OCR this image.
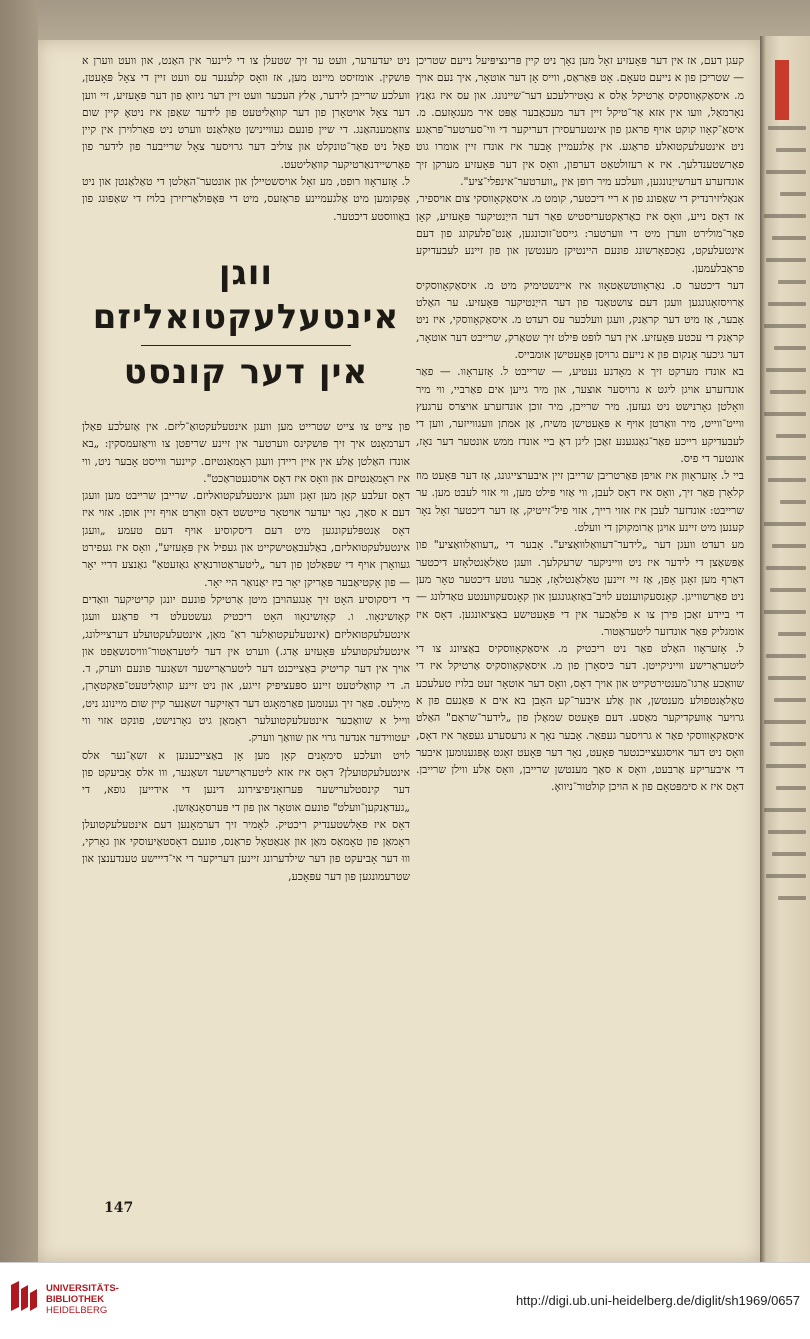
קעגן דעם, אז אין דער פּאָעזיע זאָל מען נאָך ניט קיין פּרינציפּיעל נייעם שטריכן — שטריכן פון א נייעם טעאָם. אָט פּאַראַס, ווייס אָן דער אוטאָר, איך נעם אויך מ. איסאַקאָווסקיס אַרטיקל אַלס א נאָטירלעכע דער־שיינונג. און עס איז גאַנץ נאָרמאַל, וועו אין אזא אַר־טיקל זיין דער מעכאַבער אַפּט איר מעגאָזעם. מ. איסאַ־קאָוו קוקט אויף פראגן פון אינטערעסירן דעריקער די ווי־סערטער־פּראַגע ניט אינטעלעקטואלע פראַגע. אין אַלגעמיין אָבער איז אונדז זיין אומרו גוט פאַרשטענדלעך. איז א רעזולטאַט דערפון, וואָס אין דער פּאָעזיע מערקן זיך אונדזערע דערשייַנונגען, וועלכע מיר רופן אין „ווערטער־אינפלי־ציע".

אנאַליזירנדיק די שאַפונג פון א ריי דיכטער, קומט מ. איסאַקאָווסקי צום אויספיר, אז דאָס נייע, וואָס איז כאַראַקטעריסטיש פאַר דער הייַנטיקער פּאָעזיע, קאָן פאַר־מולירט ווערן מיט די ווערטער: גייסט־זוכונגען, אַנט־פלעקונג פון דעם אינטעלעקט, נאָכפאָרשונג פונעם היינטיקן מענטשן און פון זיינע לעבעדיקע פראַבלעמען.

דער דיכטער ס. נאַראָווטשאַטאָוו איז איינשטימיק מיט מ. איסאַקאָווסקיס אַרויסזאָגונגען וועגן דעם צושטאַנד פון דער הייַנטיקער פּאָעזיע. ער האַלט אָבער, אַז מיט דער קראַנק, וועגן וועלכער עס רעדט מ. איסאַקאָווסקי, איז ניט קראַנק די עכטע פּאָעזיע. אין דער לופט פּילט זיך שטאַרק, שרייבט דער אוטאָר, דער גיכער אָנקום פון א נייעם גרויסן פּאָעטישן אומבייס.

בא אונדז מערקט זיך א מאָדנע נעטיע, — שרייבט ל. אָזעראָוו. — פאַר אונדזערע אויגן ליגט א גרויסער אוצער, און מיר גייען אים פאַרביי, ווי מיר וואָלטן גאָרנישט ניט געזען. מיר שרייבן, מיר זוכן אונדזערע אויצרס ערגעץ ווייט־ווייט, מיר וואַרטן אויף א פּאָעטישן משיח, אַן אמתן וועגווייזער, ווען די לעבעדיקע רייכע פאַר־גאַנגענע זאַכן ליגן דאָ ביי אונדז ממש אונטער דער נאָז, אונטער די פיס.

ביי ל. אָזעראָוון איז אויפן פאַרטריבן שרייבן זיין איבערצייגונג, אַז דער פּאָעט מוז קלאָרן פאַר זיך, וואָס איז דאָס לעבן, ווי אַזוי פילט מען, ווי אזוי לעבט מען. ער שרייבט: אונדזער לעבן איז אזוי רייך, אזוי פיל־זייטיק, אַז דער דיכטער זאָל נאָר קענען מיט זיינע אויגן אַרומקוקן די וועלט.

מע רעדט וועגן דער „לידער־דעוואַלוואַציע". אָבער די „דעוואַלוואַציע" פון אַפּשאַצן די לידער איז ניט ווייניקער שרעקלעך. וועגן טאַלאַנטלאָזע דיכטער דאַרף מען זאָגן אָפן, אַז זיי זיינען טאַלאַנטלאָז, אָבער גוטע דיכטער טאָר מען ניט פאַרשווייגן. קאָנסעקווענטע לויב־באַזאַגונגען און קאָנסעקווענטע טאַדלונג — די ביידע זאַכן פירן צו א פלאַכער אין די פּאָעטישע באַציאונגען. דאָס איז אומגליק פאַר אונדזער ליטעראַטור.

ל. אָזעראָוו האַלט פאַר ניט ריכטיק מ. איסאַקאָווסקיס באַציִונג צו די ליטעראַרישע ווייניקייטן. דער כּיסאָרן פון מ. איסאַקאָווסקיס אַרטיקל איז די שוואַכע אַרגו־מענטירטקייט און אויך דאָס, וואָס דער אוטאָר זעט בלויז טעלעכע טאַלאַנטפולע מענטשן, און אַלע איבער־קע האָבן בא אים א פּאַנעם פון א גרויער אַוועקדיקער מאַסע. דעם פּאָעטס שמאַלן פון „לידער־שראַם" האַלט איסאַקאָוווסקי פאַר א גרויסער געפאַר. אָבער נאָך א גרעסערע געפאַר איז דאָס, וואָס ניט דער אויסגעצייכנטער פּאָעט, נאָר דער פּאָעט זאָגט אָפּגענומען איבער די איבעריקע אַרבעט, וואָס א סאַך מענטשן שרייבן, וואָס אַלע ווילן שרייבן. דאָס איז א סימפּטאָם פון א הויכן קולטור־ניוואָ.

ניט יעדערער, וועט ער זיך שטעלן צו די ליינער אין האַנט, און וועט ווערן א פּושקין. אומזיסט מיינט מען, אז וואָס קלענער עס וועט זיין די צאָל פּאָעטן, וועלכע שרייבן לידער, אַלץ העכער וועט זיין דער ניוואָ פון דער פּאָעזיע, זיי ווען דער צאָל אויטאָרן פון דער קוואַליטעט פון לידער שאַפן איז ניטאָ קיין שום צוזאַמענהאַנג. די שיין פונעם געוויינישן טאַלאַנט ווערט ניט פאַרלוירן אין קיין פאַל ניט פאַר־טונקלט און צוליב דער גרויסער צאָל שרייבער פון לידער פון פאַרשיידנאַרטיקער קוואַליטעט.

ל. אָזעראָוו רופט, מע זאָל אויסשטיילן און אונטער־האַלטן די טאַלאַנטן און ניט אָפּקומען מיט אַלגעמיינע פראַזעס, מיט די פּאָפּולאַריזירן בלויז די שאַפונג פון באַוווסטע דיכטער.

ווגן אינטעלעקטואליזם
אין דער קונסט

פון צייט צו צייט שטרייט מען וועגן אינטעלעקטואַ־ליזם. אין אַזעלכע פאַלן דערמאָנט איך זיך פּושקינס ווערטער אין זיינע שריפטן צו וויאַזעמסקין: „בא אונדז האַלטן אַלע אין איין ריידן וועגן ראָמאַנטיזם. קיינער ווייסט אָבער ניט, ווי איז ראָמאַנטיזם און וואָס איז דאָס אויסגעטראַכט".

דאָס זעלבע קאָן מען זאָגן וועגן אינטעלעקטואליזם. שרייבן שרייבט מען וועגן דעם א סאַך, נאָר יעדער אויטאָר טייטשט דאָס וואָרט אויף זיין אופן. אזוי איז דאָס אַנטפּלעקונגען מיט דעם דיסקוסיע אויף דעם טעמע „וועגן אינטעלעקטואליזם, באַלעבאַטישקייט און געפיל אין פּאָעזיע", וואָס איז געפירט געוואָרן אויף די שפּאַלטן פון דער „ליטעראַטורנאַיאַ גאַזעטאַ" גאַנצע דריי יאָר — פון אָקטיאַבער פּאַריקן יאָר ביז יאַנואַר היי יאָר.

די דיסקוסיע האָט זיך אָנגעהויבן מיטן אַרטיקל פונעם יונגן קריטיקער וואַדים קאָזשינאָוו. ו. קאָזשינאָוו האָט ריכטיק געשטעלט די פראַגע וועגן אינטעלעקטואליזם (אינטעלעקטואַלער ראַ־ מאַן, אינטעלעקטועלע דערציילונג, אינטעלעקטועלע פּאָעזיע אַדג.) ווערט אין דער ליטעראַטור־ווויסנשאַפט און אויך אין דער קריטיק באַצייכנט דער ליטעראַרישער זשאַנער פונעם ווערק, ד. ה. די קוואַליטעט זיינע ספּעציפיק זייגע, און ניט זיינע קוואַליטעט־פאַקטאָרן, מייַלעס. פאַר זיך גענומען פאַרמאָגט דער דאָזיקער זשאַנער קיין שום מיינונג ניט, ווייל א שוואַכער אינטעלעקטועלער ראָמאַן גיט גאָרנישט, פונקט אזוי ווי יעטווידער אנדער גרוי און שוואַך ווערק.

לויט וועלכע סימאָנים קאָן מען אָן באַצייכענען א זשאַ־נער אלס אינטעלעקטועלן? דאָס איז אזא ליטעראַרישער זשאַנער, ווו אלס אָביעקט פון דער קינסטלערישער פּערזאָניפיצירונג דינען די אידייען גופא, די „געדאַנקען־וועלט" פונעם אוטאָר און פון די פּערסאָנאַזשן.

דאָס איז פאָלשטענדיק ריכטיק. לאָמיר זיך דערמאָנען דעם אינטעלעקטועלן ראָמאַן פון טאָמאַס מאַן און אַנאַטאָל פראַנס, פונעם דאָסטאַיעוסקי און גאָרקי, וווּ דער אָביעקט פון דער שילדערונג זיינען דעריקער די אי־דייישע טענדענצן און שטרעמונגען פון דער עפּאָכע,

147
UNIVERSITÄTS-
BIBLIOTHEK
HEIDELBERG
http://digi.ub.uni-heidelberg.de/diglit/sh1969/0657
